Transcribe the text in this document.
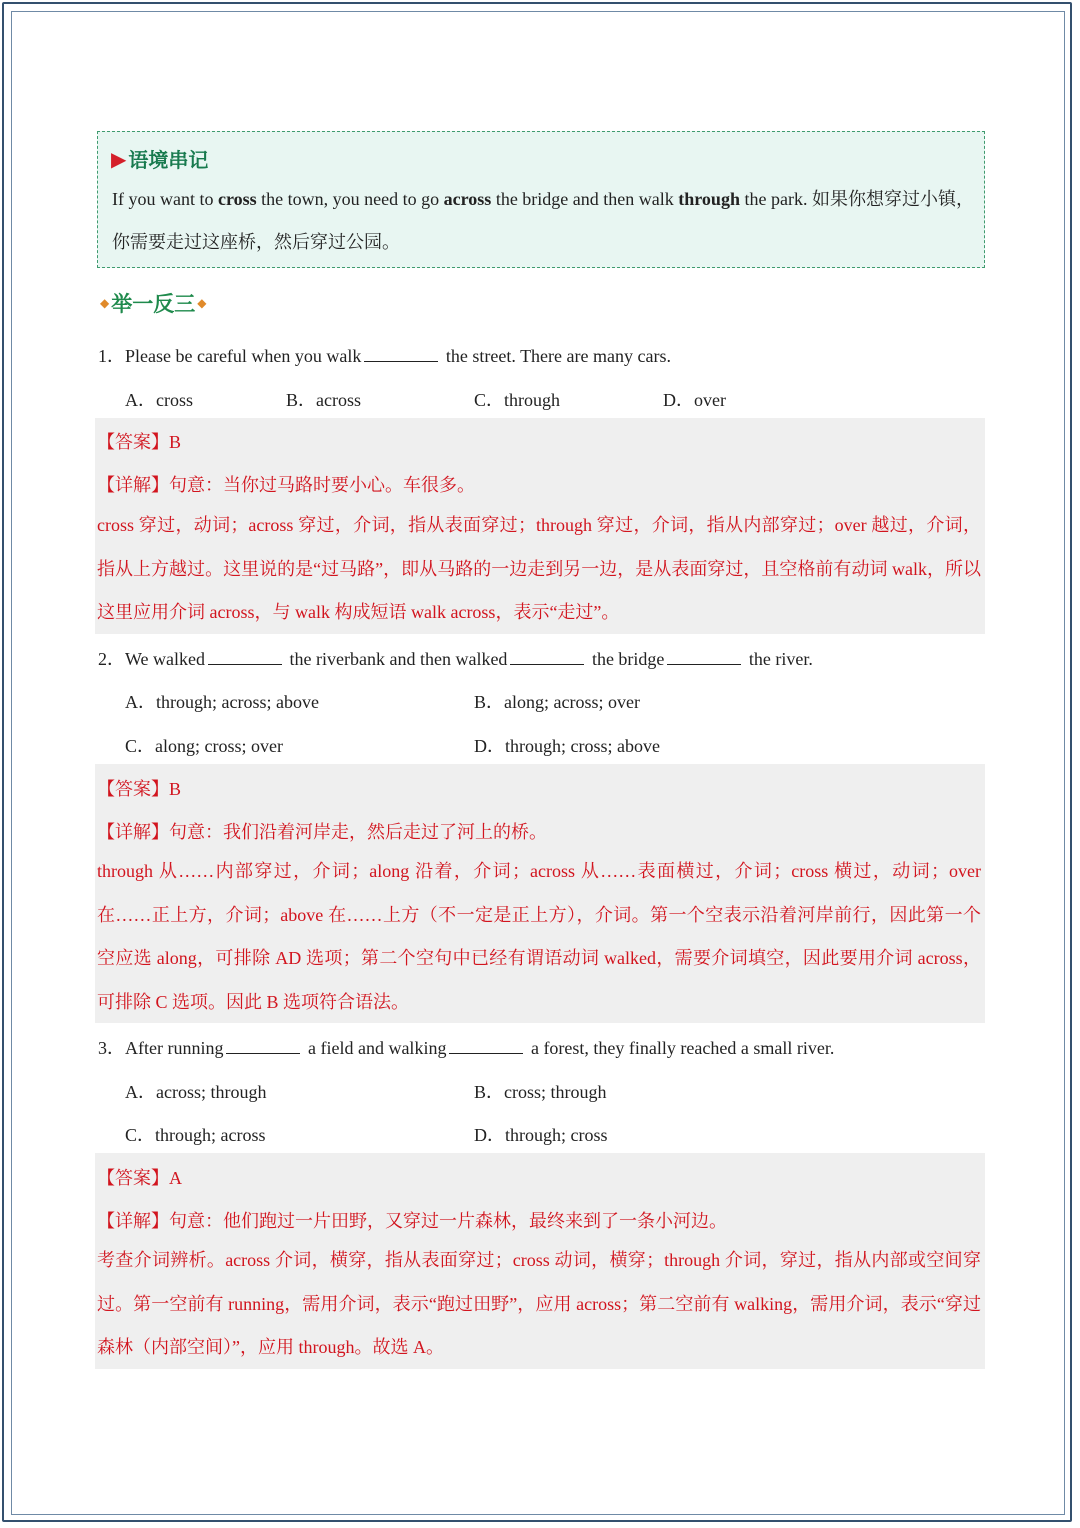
▶ 语境串记
If you want to cross the town, you need to go across the bridge and then walk through the park. 如果你想穿过小镇，你需要走过这座桥，然后穿过公园。
◆ 举一反三 ◆
1．Please be careful when you walk	the street. There are many cars.
A．cross	B．across	C．through	D．over
【答案】B
【详解】句意：当你过马路时要小心。车很多。
cross 穿过，动词；across 穿过，介词，指从表面穿过；through 穿过，介词，指从内部穿过；over 越过，介词，指从上方越过。这里说的是“过马路”，即从马路的一边走到另一边，是从表面穿过，且空格前有动词 walk，所以这里应用介词 across，与 walk 构成短语 walk across，表示“走过”。
2．We walked	the riverbank and then walked	the bridge	the river.
A．through; across; above	B．along; across; over
C．along; cross; over	D．through; cross; above
【答案】B
【详解】句意：我们沿着河岸走，然后走过了河上的桥。
through 从……内部穿过，介词；along 沿着，介词；across 从……表面横过，介词；cross 横过，动词；over 在……正上方，介词；above 在……上方（不一定是正上方），介词。第一个空表示沿着河岸前行，因此第一个空应选 along，可排除 AD 选项；第二个空句中已经有谓语动词 walked，需要介词填空，因此要用介词 across，可排除 C 选项。因此 B 选项符合语法。
3．After running	a field and walking	a forest, they finally reached a small river.
A．across; through	B．cross; through
C．through; across	D．through; cross
【答案】A
【详解】句意：他们跑过一片田野，又穿过一片森林，最终来到了一条小河边。
考查介词辨析。across 介词，横穿，指从表面穿过；cross 动词，横穿；through 介词，穿过，指从内部或空间穿过。第一空前有 running，需用介词，表示“跑过田野”，应用 across；第二空前有 walking，需用介词，表示“穿过森林（内部空间）”，应用 through。故选 A。
